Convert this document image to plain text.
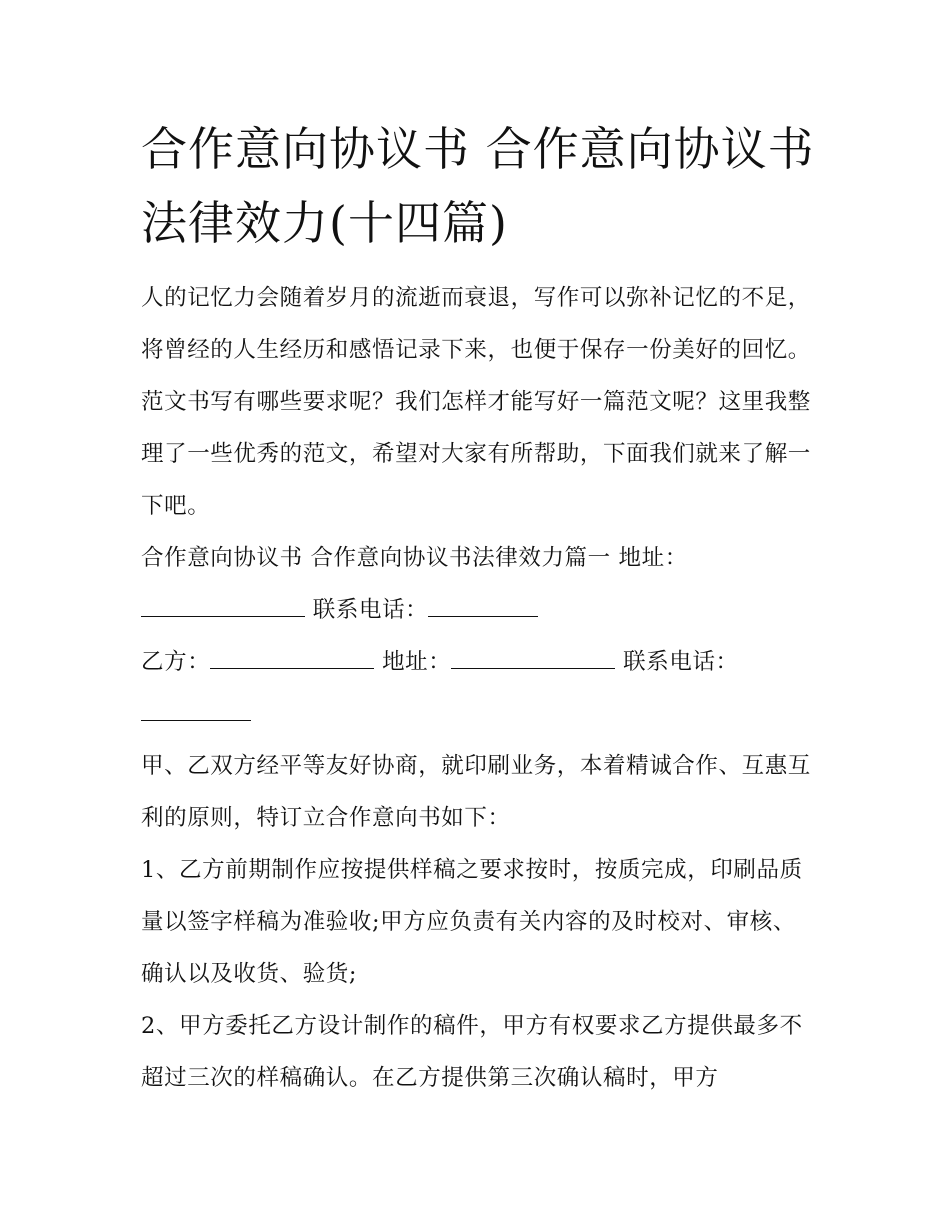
合作意向协议书 合作意向协议书法律效力(十四篇)

人的记忆力会随着岁月的流逝而衰退，写作可以弥补记忆的不足，将曾经的人生经历和感悟记录下来，也便于保存一份美好的回忆。范文书写有哪些要求呢？我们怎样才能写好一篇范文呢？这里我整理了一些优秀的范文，希望对大家有所帮助，下面我们就来了解一下吧。

合作意向协议书 合作意向协议书法律效力篇一 地址：

联系电话：

乙方：	地址：	联系电话：

甲、乙双方经平等友好协商，就印刷业务，本着精诚合作、互惠互利的原则，特订立合作意向书如下：

1、乙方前期制作应按提供样稿之要求按时，按质完成，印刷品质量以签字样稿为准验收;甲方应负责有关内容的及时校对、审核、确认以及收货、验货;

2、甲方委托乙方设计制作的稿件，甲方有权要求乙方提供最多不超过三次的样稿确认。在乙方提供第三次确认稿时，甲方
